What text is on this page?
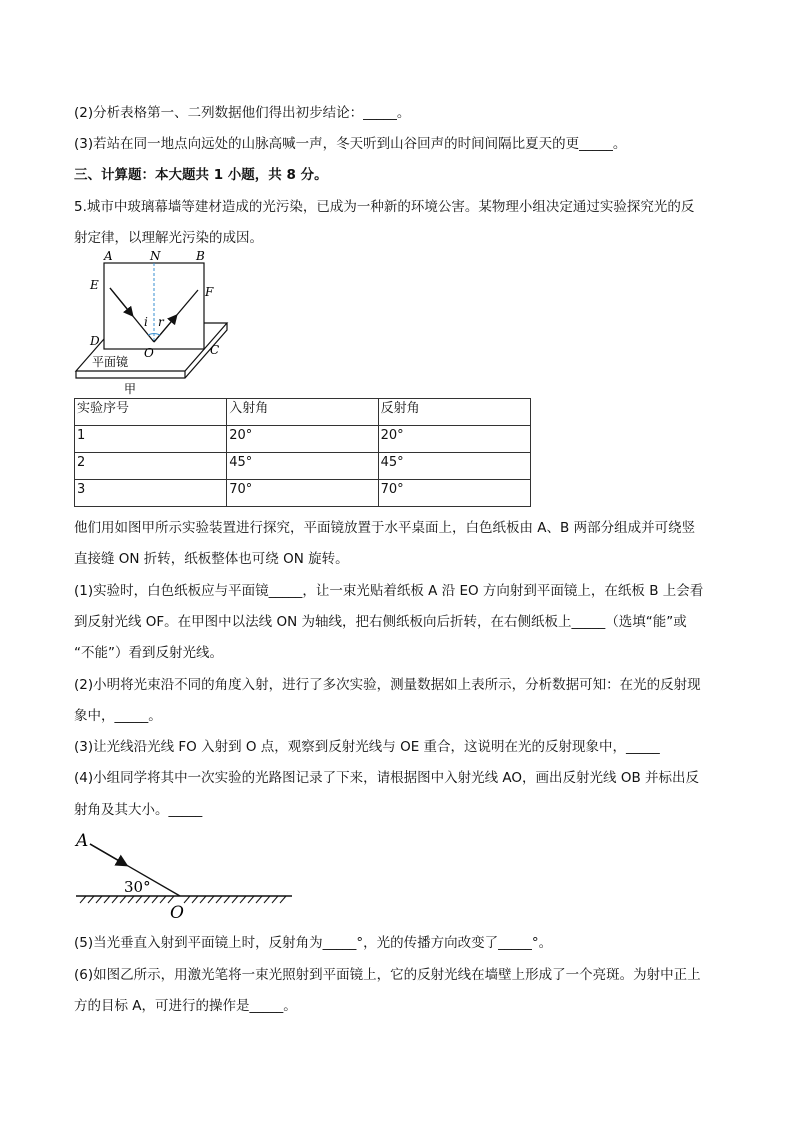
(2)分析表格第一、二列数据他们得出初步结论：_____。
(3)若站在同一地点向远处的山脉高喊一声，冬天听到山谷回声的时间间隔比夏天的更_____。
三、计算题：本大题共 1 小题，共 8 分。
5.城市中玻璃幕墙等建材造成的光污染，已成为一种新的环境公害。某物理小组决定通过实验探究光的反
射定律，以理解光污染的成因。
A	N	B
E	F
i r
D
C
O
平面镜
甲
实验序号	入射角	反射角
1	20°	20°
2	45°	45°
3	70°	70°
他们用如图甲所示实验装置进行探究，平面镜放置于水平桌面上，白色纸板由 A、B 两部分组成并可绕竖
直接缝 ON 折转，纸板整体也可绕 ON 旋转。
(1)实验时，白色纸板应与平面镜_____，让一束光贴着纸板 A 沿 EO 方向射到平面镜上，在纸板 B 上会看
到反射光线 OF。在甲图中以法线 ON 为轴线，把右侧纸板向后折转，在右侧纸板上_____（选填“能”或
“不能”）看到反射光线。
(2)小明将光束沿不同的角度入射，进行了多次实验，测量数据如上表所示，分析数据可知：在光的反射现
象中，_____。
(3)让光线沿光线 FO 入射到 O 点，观察到反射光线与 OE 重合，这说明在光的反射现象中，_____
(4)小组同学将其中一次实验的光路图记录了下来，请根据图中入射光线 AO，画出反射光线 OB 并标出反
射角及其大小。_____
A
30°
O
(5)当光垂直入射到平面镜上时，反射角为_____°，光的传播方向改变了_____°。
(6)如图乙所示，用激光笔将一束光照射到平面镜上，它的反射光线在墙壁上形成了一个亮斑。为射中正上
方的目标 A，可进行的操作是_____。
